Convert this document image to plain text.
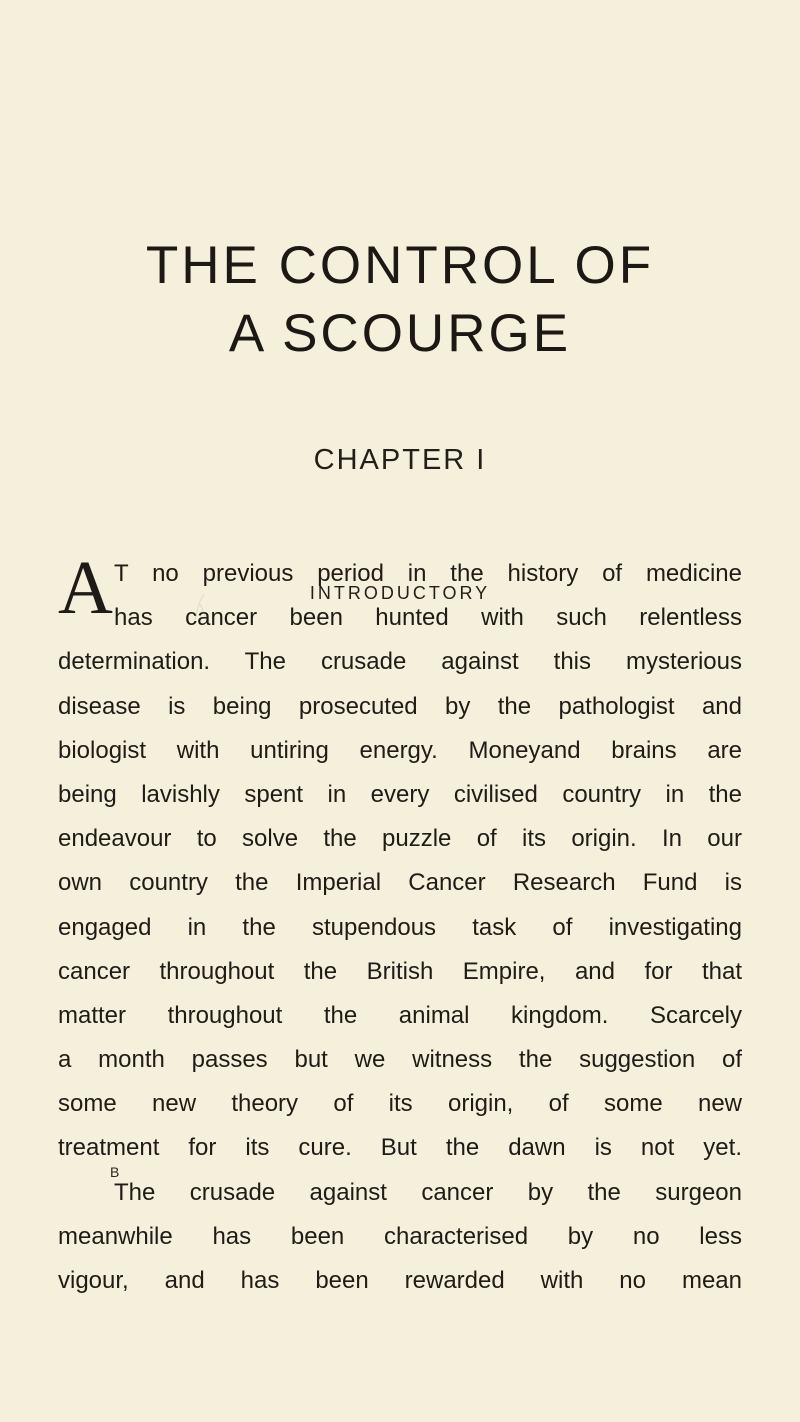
THE CONTROL OF
A SCOURGE
CHAPTER I
INTRODUCTORY
A T no previous period in the history of medicine
has cancer been hunted with such relentless
determination. The crusade against this mysterious
disease is being prosecuted by the pathologist and
biologist with untiring energy. Moneyand brains are
being lavishly spent in every civilised country in the
endeavour to solve the puzzle of its origin. In our
own country the Imperial Cancer Research Fund is
engaged in the stupendous task of investigating
cancer throughout the British Empire, and for that
matter throughout the animal kingdom. Scarcely
a month passes but we witness the suggestion of
some new theory of its origin, of some new
treatment for its cure. But the dawn is not yet.
The crusade against cancer by the surgeon
meanwhile has been characterised by no less
vigour, and has been rewarded with no mean
B
